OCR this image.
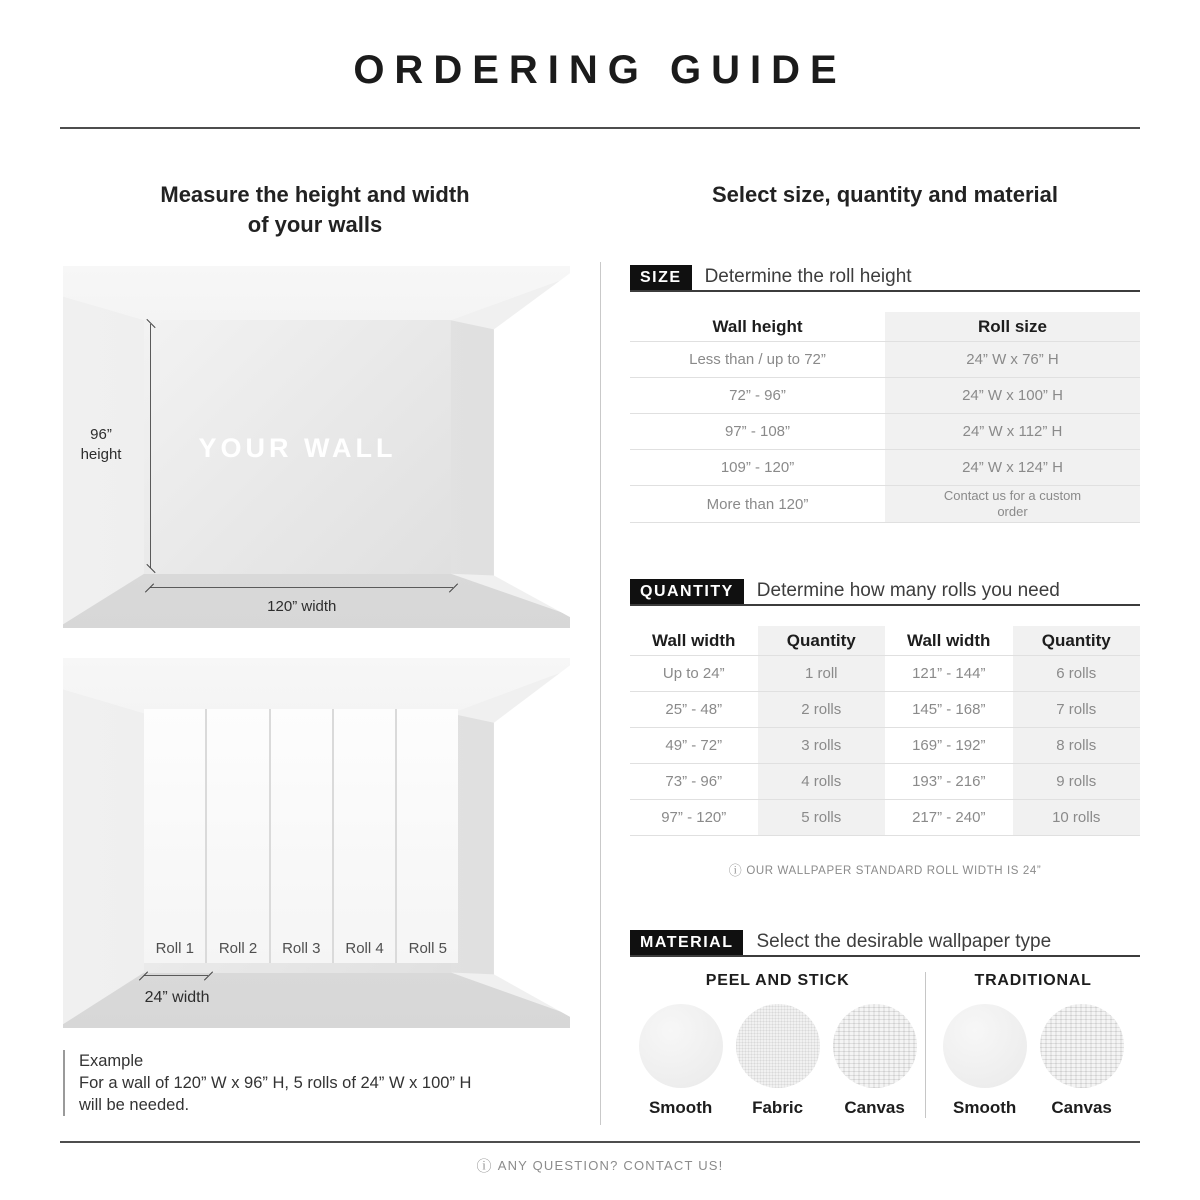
ORDERING GUIDE
Measure the height and width
of your walls
YOUR WALL
96”
height
120” width
Roll 1 Roll 2 Roll 3 Roll 4 Roll 5
24” width
Example
For a wall of 120” W x 96” H, 5 rolls of 24” W x 100” H
will be needed.
Select size, quantity and material
SIZE	Determine the roll height
Wall height	Roll size
Less than / up to 72”	24” W x 76” H
72” - 96”	24” W x 100” H
97” - 108”	24” W x 112” H
109” - 120”	24” W x 124” H
More than 120”	Contact us for a custom order
QUANTITY	Determine how many rolls you need
Wall width	Quantity	Wall width	Quantity
Up to 24”	1 roll	121” - 144”	6 rolls
25” - 48”	2 rolls	145” - 168”	7 rolls
49” - 72”	3 rolls	169” - 192”	8 rolls
73” - 96”	4 rolls	193” - 216”	9 rolls
97” - 120”	5 rolls	217” - 240”	10 rolls
ⓘ OUR WALLPAPER STANDARD ROLL WIDTH IS 24”
MATERIAL	Select the desirable wallpaper type
PEEL AND STICK
Smooth	Fabric	Canvas
TRADITIONAL
Smooth	Canvas
ⓘ ANY QUESTION? CONTACT US!
